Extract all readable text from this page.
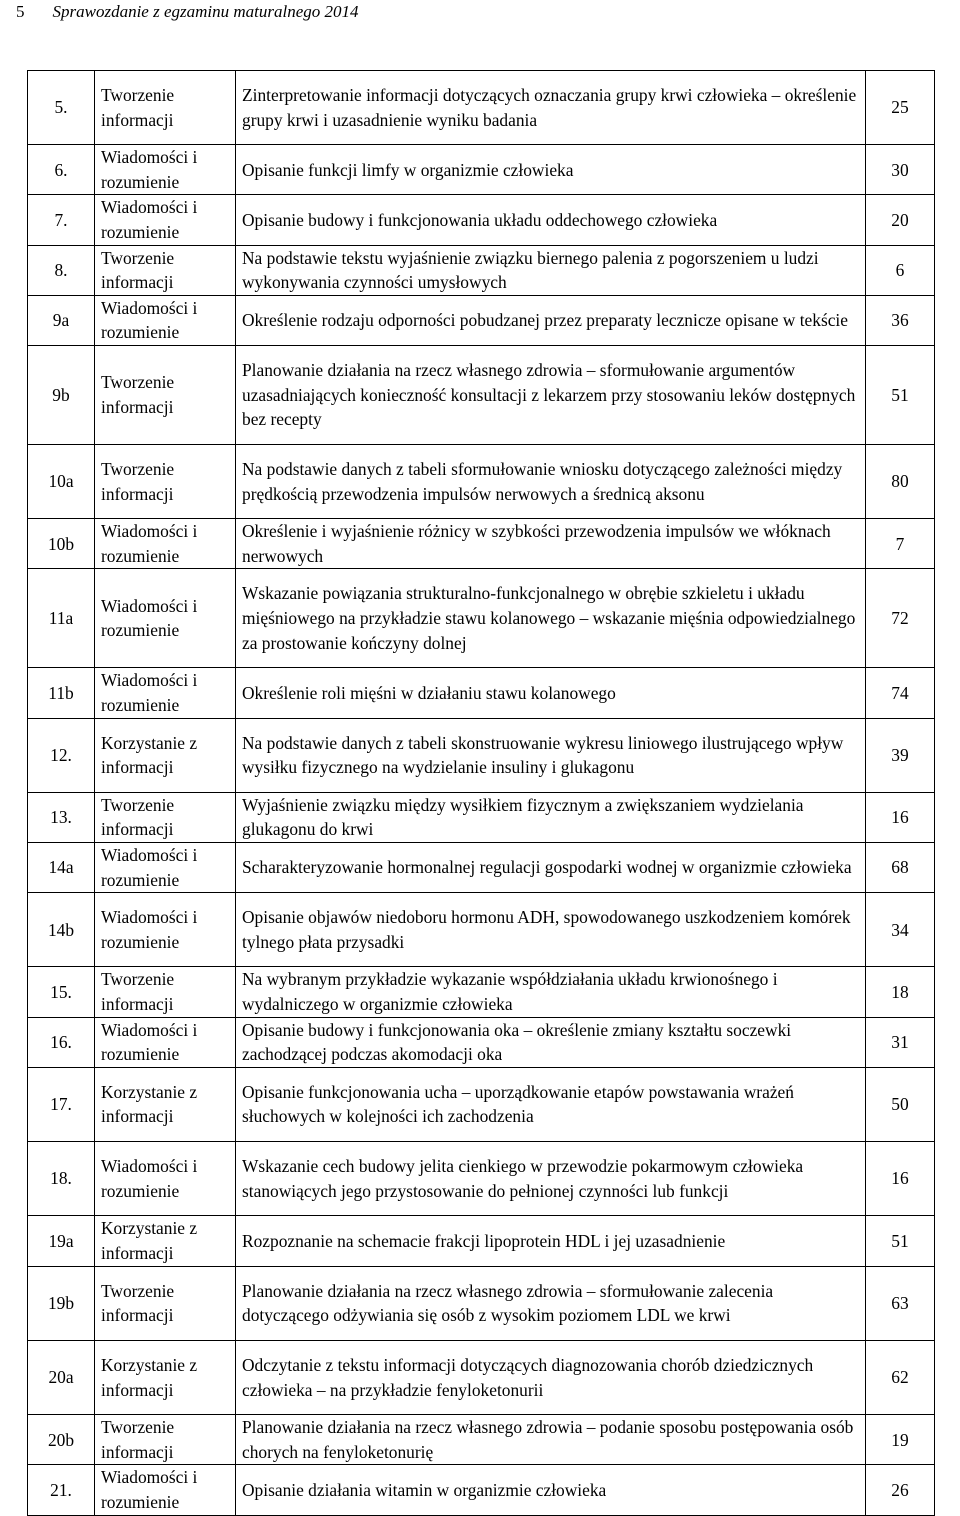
5 Sprawozdanie z egzaminu maturalnego 2014
5.	Tworzenie informacji	Zinterpretowanie informacji dotyczących oznaczania grupy krwi człowieka – określenie grupy krwi i uzasadnienie wyniku badania	25
6.	Wiadomości i rozumienie	Opisanie funkcji limfy w organizmie człowieka	30
7.	Wiadomości i rozumienie	Opisanie budowy i funkcjonowania układu oddechowego człowieka	20
8.	Tworzenie informacji	Na podstawie tekstu wyjaśnienie związku biernego palenia z pogorszeniem u ludzi wykonywania czynności umysłowych	6
9a	Wiadomości i rozumienie	Określenie rodzaju odporności pobudzanej przez preparaty lecznicze opisane w tekście	36
9b	Tworzenie informacji	Planowanie działania na rzecz własnego zdrowia – sformułowanie argumentów uzasadniających konieczność konsultacji z lekarzem przy stosowaniu leków dostępnych bez recepty	51
10a	Tworzenie informacji	Na podstawie danych z tabeli sformułowanie wniosku dotyczącego zależności między prędkością przewodzenia impulsów nerwowych a średnicą aksonu	80
10b	Wiadomości i rozumienie	Określenie i wyjaśnienie różnicy w szybkości przewodzenia impulsów we włóknach nerwowych	7
11a	Wiadomości i rozumienie	Wskazanie powiązania strukturalno-funkcjonalnego w obrębie szkieletu i układu mięśniowego na przykładzie stawu kolanowego – wskazanie mięśnia odpowiedzialnego za prostowanie kończyny dolnej	72
11b	Wiadomości i rozumienie	Określenie roli mięśni w działaniu stawu kolanowego	74
12.	Korzystanie z informacji	Na podstawie danych z tabeli skonstruowanie wykresu liniowego ilustrującego wpływ wysiłku fizycznego na wydzielanie insuliny i glukagonu	39
13.	Tworzenie informacji	Wyjaśnienie związku między wysiłkiem fizycznym a zwiększaniem wydzielania glukagonu do krwi	16
14a	Wiadomości i rozumienie	Scharakteryzowanie hormonalnej regulacji gospodarki wodnej w organizmie człowieka	68
14b	Wiadomości i rozumienie	Opisanie objawów niedoboru hormonu ADH, spowodowanego uszkodzeniem komórek tylnego płata przysadki	34
15.	Tworzenie informacji	Na wybranym przykładzie wykazanie współdziałania układu krwionośnego i wydalniczego w organizmie człowieka	18
16.	Wiadomości i rozumienie	Opisanie budowy i funkcjonowania oka – określenie zmiany kształtu soczewki zachodzącej podczas akomodacji oka	31
17.	Korzystanie z informacji	Opisanie funkcjonowania ucha – uporządkowanie etapów powstawania wrażeń słuchowych w kolejności ich zachodzenia	50
18.	Wiadomości i rozumienie	Wskazanie cech budowy jelita cienkiego w przewodzie pokarmowym człowieka stanowiących jego przystosowanie do pełnionej czynności lub funkcji	16
19a	Korzystanie z informacji	Rozpoznanie na schemacie frakcji lipoprotein HDL i jej uzasadnienie	51
19b	Tworzenie informacji	Planowanie działania na rzecz własnego zdrowia – sformułowanie zalecenia dotyczącego odżywiania się osób z wysokim poziomem LDL we krwi	63
20a	Korzystanie z informacji	Odczytanie z tekstu informacji dotyczących diagnozowania chorób dziedzicznych człowieka – na przykładzie fenyloketonurii	62
20b	Tworzenie informacji	Planowanie działania na rzecz własnego zdrowia – podanie sposobu postępowania osób chorych na fenyloketonurię	19
21.	Wiadomości i rozumienie	Opisanie działania witamin w organizmie człowieka	26
